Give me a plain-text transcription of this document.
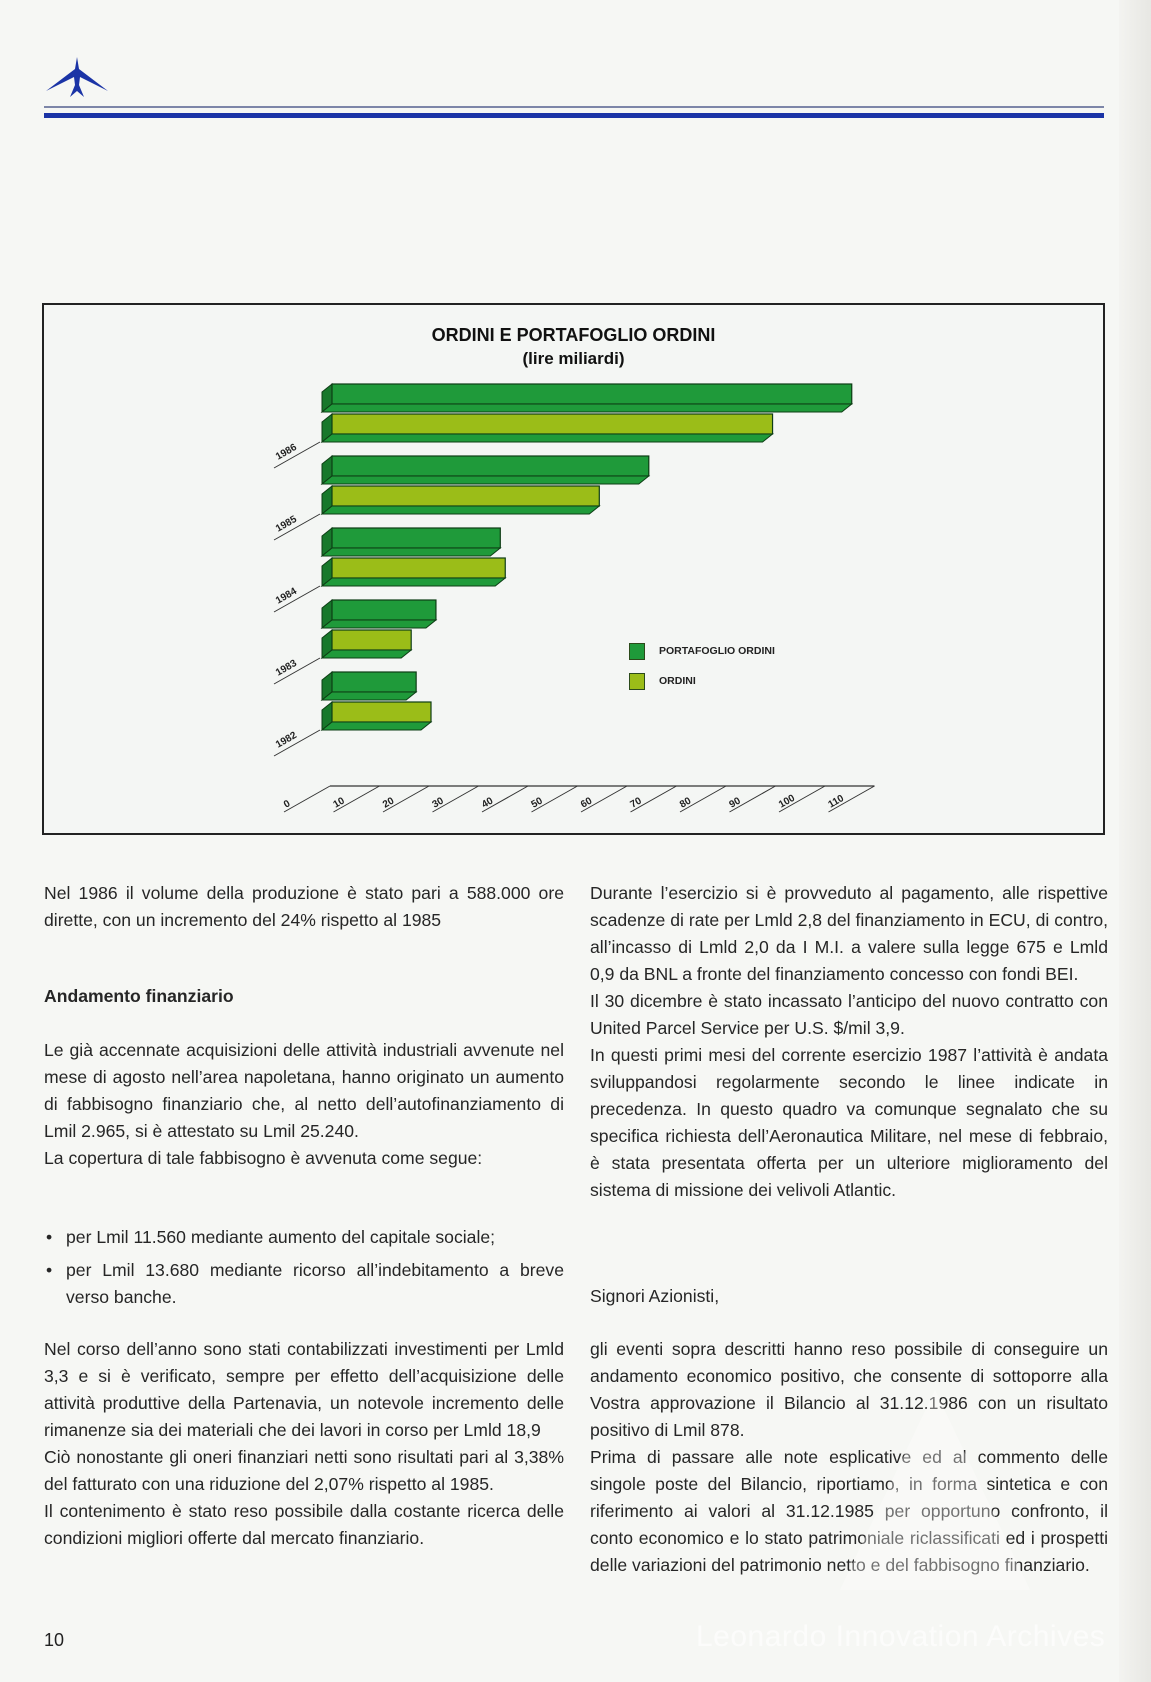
ORDINI E PORTAFOGLIO ORDINI
(lire miliardi)
0	10	20	30	40	50	60	70	80	90	100	110
1982
1983
1984
1985
1986
PORTAFOGLIO ORDINI
ORDINI

Nel 1986 il volume della produzione è stato pari a 588.000 ore dirette, con un incremento del 24% rispetto al 1985

Andamento finanziario

Le già accennate acquisizioni delle attività industriali avvenute nel mese di agosto nell’area napoletana, hanno originato un aumento di fabbisogno finanziario che, al netto dell’autofinanziamento di Lmil 2.965, si è attestato su Lmil 25.240.

La copertura di tale fabbisogno è avvenuta come segue:

• per Lmil 11.560 mediante aumento del capitale sociale;
• per Lmil 13.680 mediante ricorso all’indebitamento a breve verso banche.

Nel corso dell’anno sono stati contabilizzati investimenti per Lmld 3,3 e si è verificato, sempre per effetto dell’acquisizione delle attività produttive della Partenavia, un notevole incremento delle rimanenze sia dei materiali che dei lavori in corso per Lmld 18,9

Ciò nonostante gli oneri finanziari netti sono risultati pari al 3,38% del fatturato con una riduzione del 2,07% rispetto al 1985.

Il contenimento è stato reso possibile dalla costante ricerca delle condizioni migliori offerte dal mercato finanziario.

Durante l’esercizio si è provveduto al pagamento, alle rispettive scadenze di rate per Lmld 2,8 del finanziamento in ECU, di contro, all’incasso di Lmld 2,0 da I M.I. a valere sulla legge 675 e Lmld 0,9 da BNL a fronte del finanziamento concesso con fondi BEI.

Il 30 dicembre è stato incassato l’anticipo del nuovo contratto con United Parcel Service per U.S. $/mil 3,9.

In questi primi mesi del corrente esercizio 1987 l’attività è andata sviluppandosi regolarmente secondo le linee indicate in precedenza. In questo quadro va comunque segnalato che su specifica richiesta dell’Aeronautica Militare, nel mese di febbraio, è stata presentata offerta per un ulteriore miglioramento del sistema di missione dei velivoli Atlantic.

Signori Azionisti,

gli eventi sopra descritti hanno reso possibile di conseguire un andamento economico positivo, che consente di sottoporre alla Vostra approvazione il Bilancio al 31.12.1986 con un risultato positivo di Lmil 878.

Prima di passare alle note esplicative ed al commento delle singole poste del Bilancio, riportiamo, in forma sintetica e con riferimento ai valori al 31.12.1985 per opportuno confronto, il conto economico e lo stato patrimoniale riclassificati ed i prospetti delle variazioni del patrimonio netto e del fabbisogno finanziario.

Leonardo Innovation Archives
10
